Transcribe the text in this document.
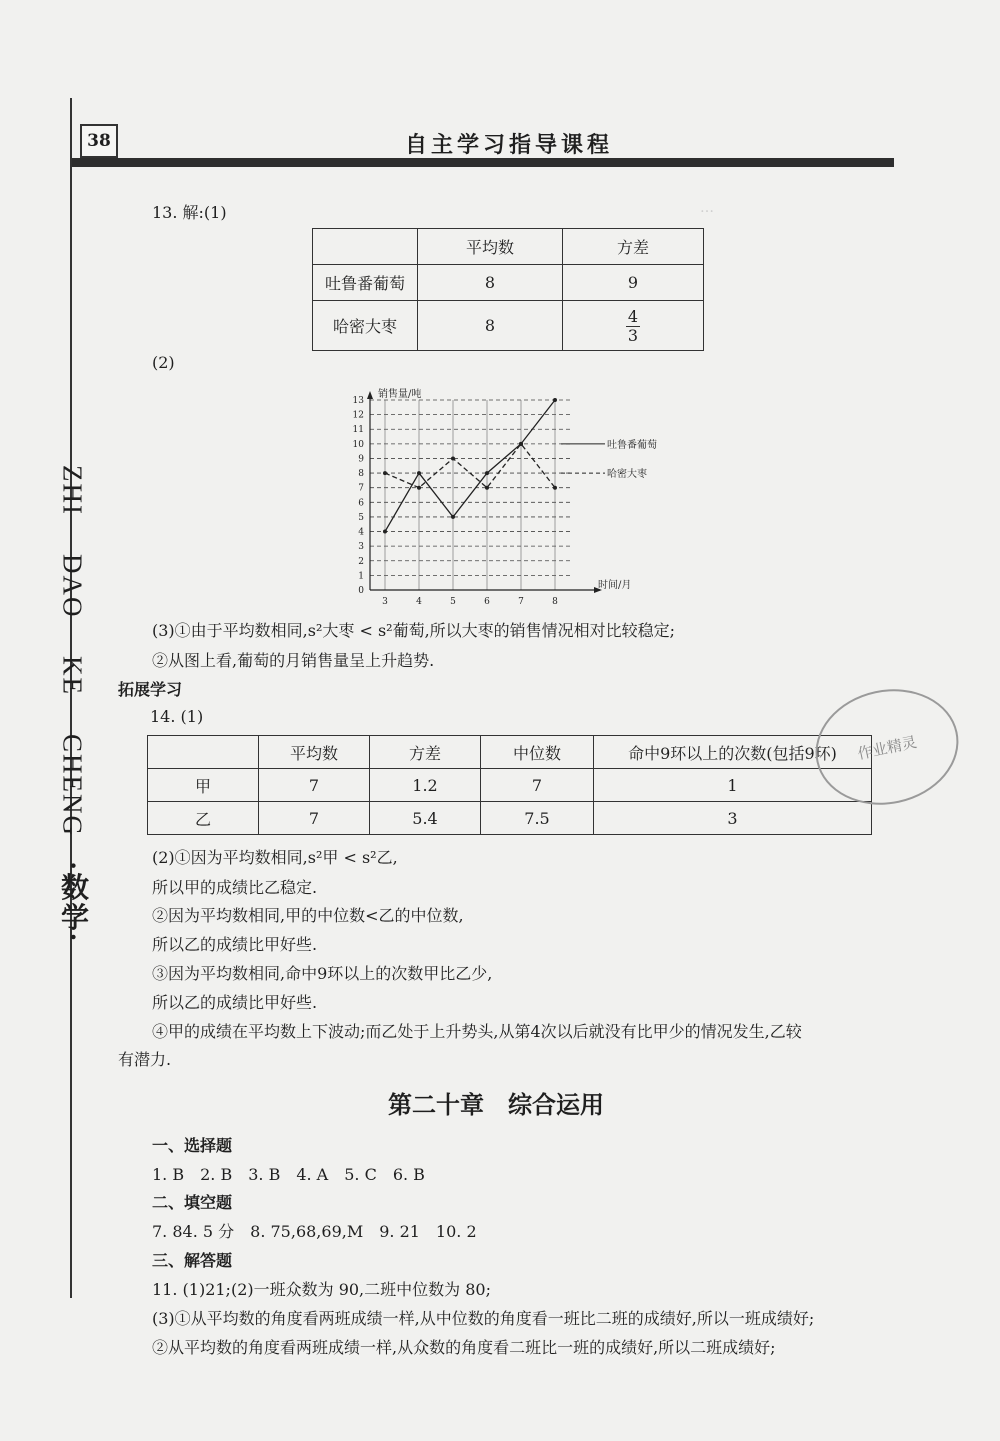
38	自主学习指导课程
…
ZHI
DAO
KE
CHENG
·数学·
13. 解:(1)
	平均数	方差
吐鲁番葡萄	8	9
哈密大枣	8	$\frac{4}{3}$
(2)
0
1
2
3
4
5
6
7
8
9
10
11
12
13
3	4	5	6	7	8
销售量/吨
时间/月
吐鲁番葡萄
哈密大枣
(3)①由于平均数相同,s²大枣 < s²葡萄,所以大枣的销售情况相对比较稳定;
②从图上看,葡萄的月销售量呈上升趋势.
拓展学习
14. (1)
	平均数	方差	中位数	命中9环以上的次数(包括9环)
甲	7	1.2	7	1
乙	7	5.4	7.5	3
(2)①因为平均数相同,s²甲 < s²乙,
所以甲的成绩比乙稳定.
②因为平均数相同,甲的中位数<乙的中位数,
所以乙的成绩比甲好些.
③因为平均数相同,命中9环以上的次数甲比乙少,
所以乙的成绩比甲好些.
④甲的成绩在平均数上下波动;而乙处于上升势头,从第4次以后就没有比甲少的情况发生,乙较
有潜力.
作业精灵
第二十章　综合运用
一、选择题
1. B　2. B　3. B　4. A　5. C　6. B
二、填空题
7. 84. 5 分　8. 75,68,69,M　9. 21　10. 2
三、解答题
11. (1)21;(2)一班众数为 90,二班中位数为 80;
(3)①从平均数的角度看两班成绩一样,从中位数的角度看一班比二班的成绩好,所以一班成绩好;
②从平均数的角度看两班成绩一样,从众数的角度看二班比一班的成绩好,所以二班成绩好;
